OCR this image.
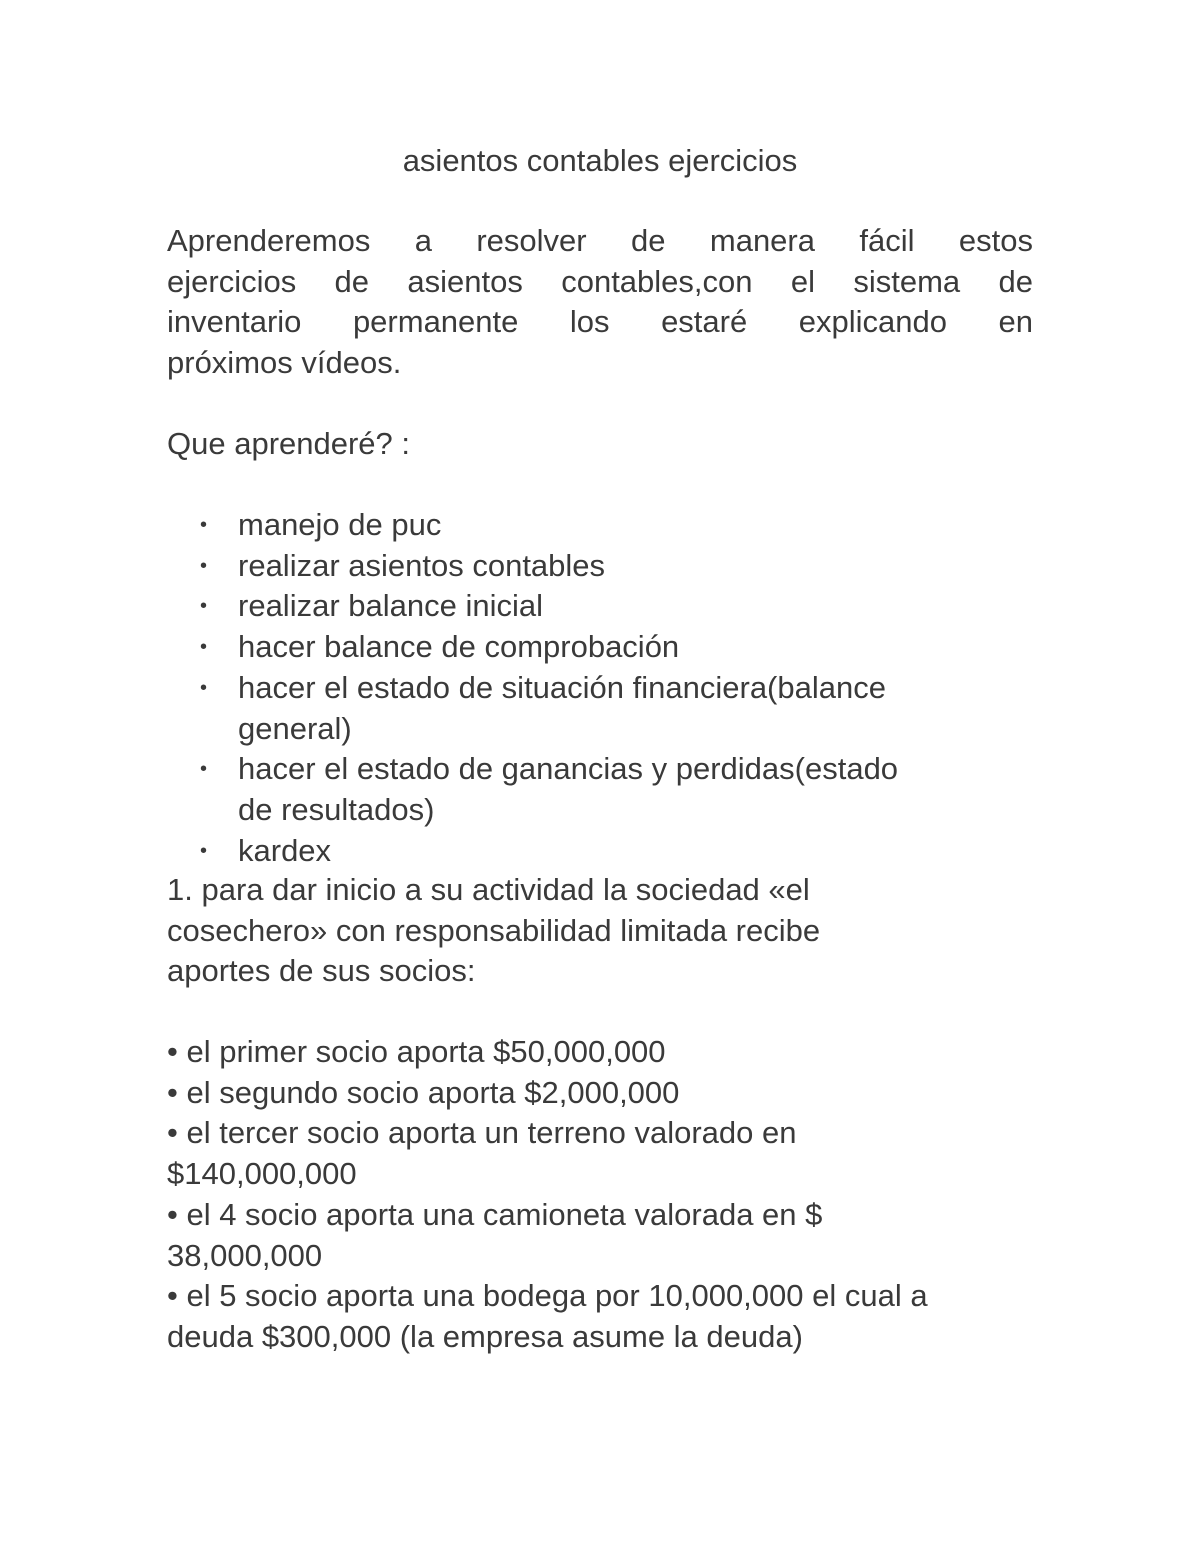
asientos contables ejercicios
Aprenderemos a resolver de manera fácil estos
ejercicios de asientos contables,con el sistema de
inventario permanente los estaré explicando en
próximos vídeos.

Que aprenderé? :

• manejo de puc
• realizar asientos contables
• realizar balance inicial
• hacer balance de comprobación
• hacer el estado de situación financiera(balance
general)
• hacer el estado de ganancias y perdidas(estado
de resultados)
• kardex
1. para dar inicio a su actividad la sociedad «el
cosechero» con responsabilidad limitada recibe
aportes de sus socios:
• el primer socio aporta $50,000,000
• el segundo socio aporta $2,000,000
• el tercer socio aporta un terreno valorado en
$140,000,000
• el 4 socio aporta una camioneta valorada en $
38,000,000
• el 5 socio aporta una bodega por 10,000,000 el cual a
deuda $300,000 (la empresa asume la deuda)
